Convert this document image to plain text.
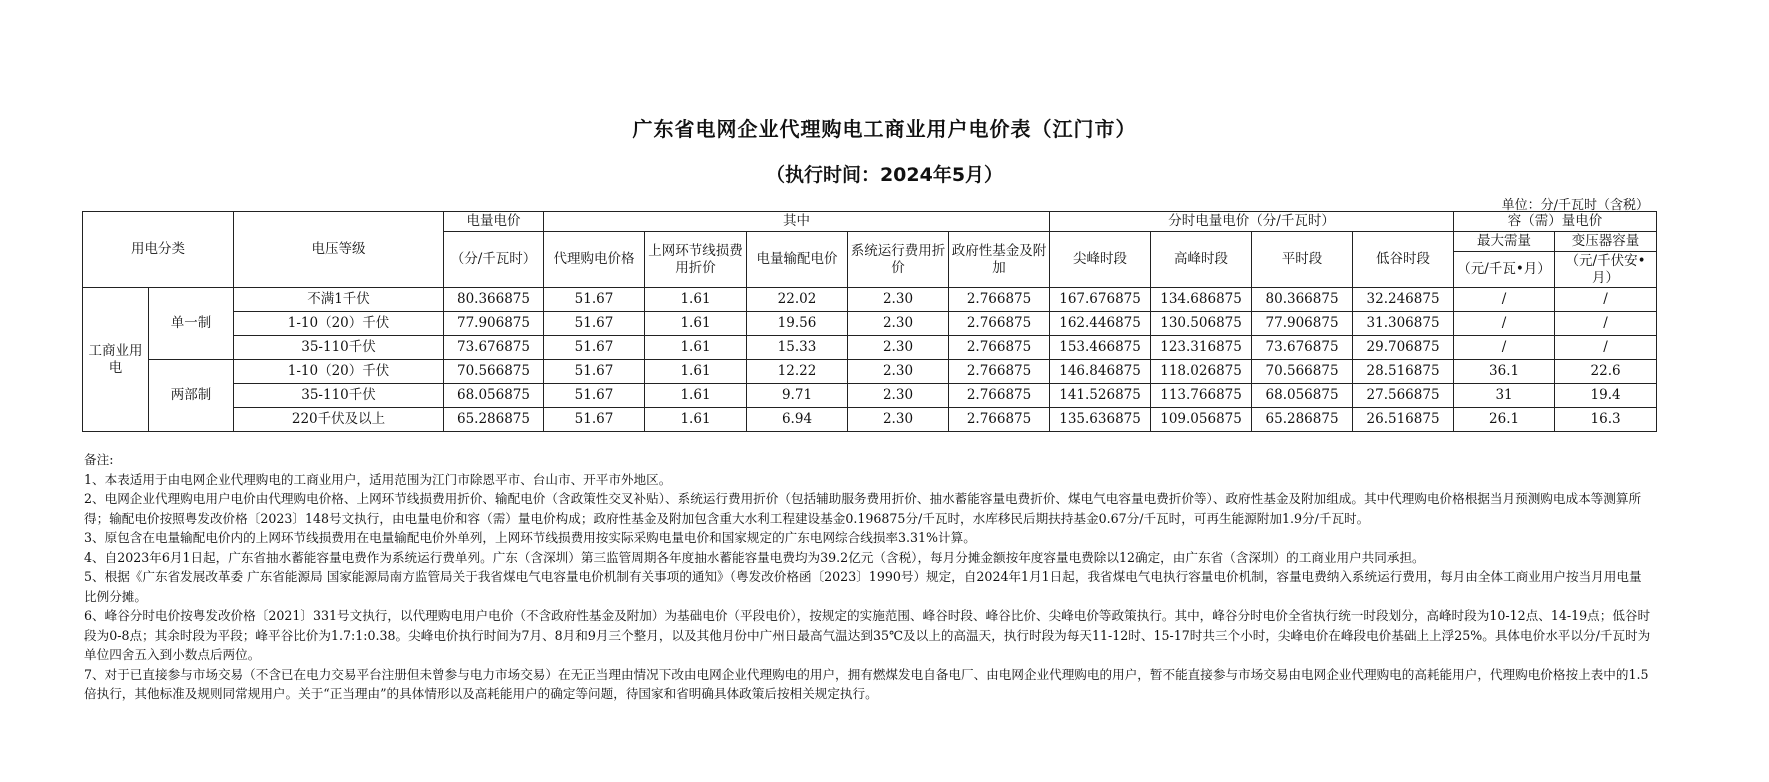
广东省电网企业代理购电工商业用户电价表（江门市）
（执行时间：2024年5月）
单位：分/千瓦时（含税）
用电分类		电压等级	电量电价	其中					分时电量电价（分/千瓦时）				容（需）量电价	
			（分/千瓦时）	代理购电价格	上网环节线损费用折价	电量输配电价	系统运行费用折价	政府性基金及附加	尖峰时段	高峰时段	平时段	低谷时段	最大需量	变压器容量
													（元/千瓦•月）	（元/千伏安•月）
工商业用电	单一制	不满1千伏	80.366875	51.67	1.61	22.02	2.30	2.766875	167.676875	134.686875	80.366875	32.246875	/	/
		1-10（20）千伏	77.906875	51.67	1.61	19.56	2.30	2.766875	162.446875	130.506875	77.906875	31.306875	/	/
		35-110千伏	73.676875	51.67	1.61	15.33	2.30	2.766875	153.466875	123.316875	73.676875	29.706875	/	/
	两部制	1-10（20）千伏	70.566875	51.67	1.61	12.22	2.30	2.766875	146.846875	118.026875	70.566875	28.516875	36.1	22.6
		35-110千伏	68.056875	51.67	1.61	9.71	2.30	2.766875	141.526875	113.766875	68.056875	27.566875	31	19.4
		220千伏及以上	65.286875	51.67	1.61	6.94	2.30	2.766875	135.636875	109.056875	65.286875	26.516875	26.1	16.3

备注:

1、本表适用于由电网企业代理购电的工商业用户，适用范围为江门市除恩平市、台山市、开平市外地区。

2、电网企业代理购电用户电价由代理购电价格、上网环节线损费用折价、输配电价（含政策性交叉补贴）、系统运行费用折价（包括辅助服务费用折价、抽水蓄能容量电费折价、煤电气电容量电费折价等）、政府性基金及附加组成。其中代理购电价格根据当月预测购电成本等测算所得；输配电价按照粤发改价格〔2023〕148号文执行，由电量电价和容（需）量电价构成；政府性基金及附加包含重大水利工程建设基金0.196875分/千瓦时，水库移民后期扶持基金0.67分/千瓦时，可再生能源附加1.9分/千瓦时。

3、原包含在电量输配电价内的上网环节线损费用在电量输配电价外单列，上网环节线损费用按实际采购电量电价和国家规定的广东电网综合线损率3.31%计算。

4、自2023年6月1日起，广东省抽水蓄能容量电费作为系统运行费单列。广东（含深圳）第三监管周期各年度抽水蓄能容量电费均为39.2亿元（含税），每月分摊金额按年度容量电费除以12确定，由广东省（含深圳）的工商业用户共同承担。

5、根据《广东省发展改革委 广东省能源局 国家能源局南方监管局关于我省煤电气电容量电价机制有关事项的通知》（粤发改价格函〔2023〕1990号）规定，自2024年1月1日起，我省煤电气电执行容量电价机制，容量电费纳入系统运行费用，每月由全体工商业用户按当月用电量比例分摊。

6、峰谷分时电价按粤发改价格〔2021〕331号文执行，以代理购电用户电价（不含政府性基金及附加）为基础电价（平段电价），按规定的实施范围、峰谷时段、峰谷比价、尖峰电价等政策执行。其中，峰谷分时电价全省执行统一时段划分，高峰时段为10-12点、14-19点；低谷时段为0-8点；其余时段为平段；峰平谷比价为1.7:1:0.38。尖峰电价执行时间为7月、8月和9月三个整月，以及其他月份中广州日最高气温达到35℃及以上的高温天，执行时段为每天11-12时、15-17时共三个小时，尖峰电价在峰段电价基础上上浮25%。具体电价水平以分/千瓦时为单位四舍五入到小数点后两位。

7、对于已直接参与市场交易（不含已在电力交易平台注册但未曾参与电力市场交易）在无正当理由情况下改由电网企业代理购电的用户，拥有燃煤发电自备电厂、由电网企业代理购电的用户，暂不能直接参与市场交易由电网企业代理购电的高耗能用户，代理购电价格按上表中的1.5倍执行，其他标准及规则同常规用户。关于“正当理由”的具体情形以及高耗能用户的确定等问题，待国家和省明确具体政策后按相关规定执行。
